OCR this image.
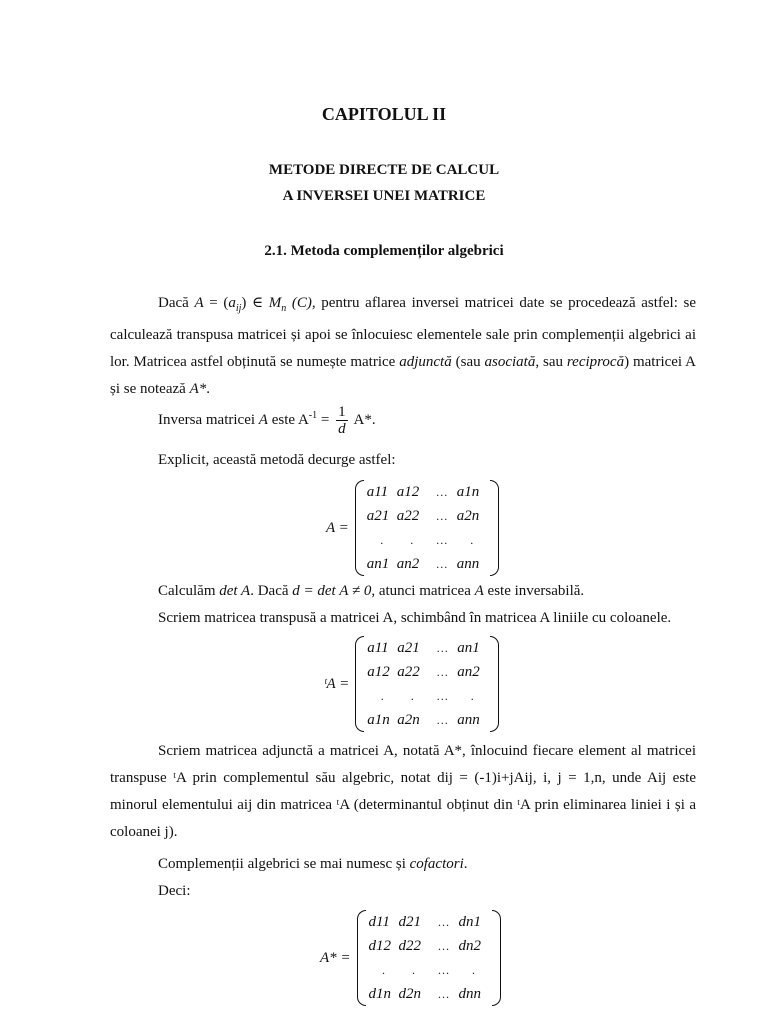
CAPITOLUL II
METODE DIRECTE DE CALCUL
A INVERSEI UNEI MATRICE
2.1. Metoda complemenților algebrici
Dacă $A = (a_{ij})$ ∈ $M_n$ (C), pentru aflarea inversei matricei date se procedează astfel: se calculează transpusa matricei și apoi se înlocuiesc elementele sale prin complemenții algebrici ai lor. Matricea astfel obținută se numește matrice adjunctă (sau asociată, sau reciprocă) matricei A și se notează A*.
Inversa matricei A este $A^{-1} = \frac{1}{d} A*$.
Explicit, această metodă decurge astfel:
A =
a11 a12	… a1n
a21 a22	… a2n
.	.	…	.
an1 an2	… ann
Calculăm det A. Dacă d = det A ≠ 0, atunci matricea A este inversabilă.
Scriem matricea transpusă a matricei A, schimbând în matricea A liniile cu coloanele.
ᵗA =
a11 a21	… an1
a12 a22	… an2
.	.	…	.
a1n a2n	… ann
Scriem matricea adjunctă a matricei A, notată A*, înlocuind fiecare element al matricei transpuse ᵗA prin complementul său algebric, notat dij = (-1)i+jAij, i, j = 1,n, unde Aij este minorul elementului aij din matricea ᵗA (determinantul obținut din ᵗA prin eliminarea liniei i și a coloanei j).
Complemenții algebrici se mai numesc și cofactori.
Deci:
A* =
d11 d21	… dn1
d12 d22	… dn2
.	.	…	.
d1n d2n	… dnn
